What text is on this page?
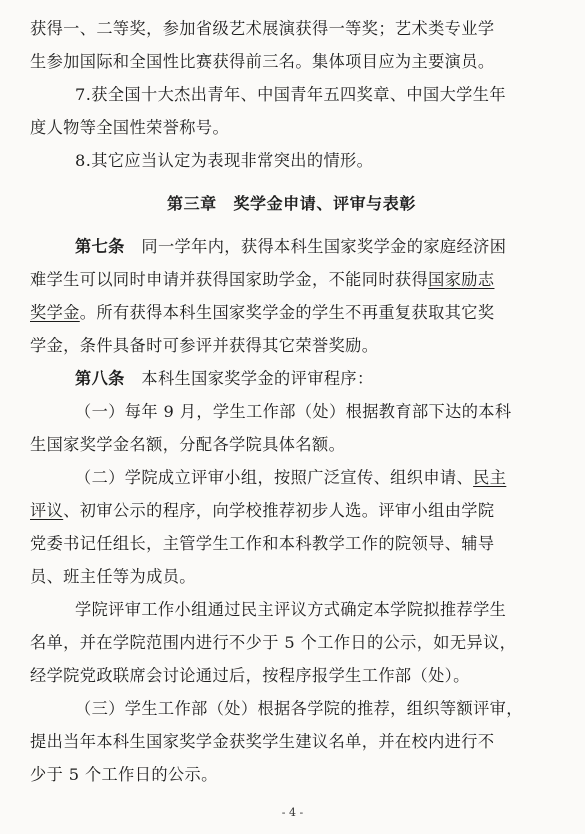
获得一、二等奖，参加省级艺术展演获得一等奖；艺术类专业学
生参加国际和全国性比赛获得前三名。集体项目应为主要演员。
7.获全国十大杰出青年、中国青年五四奖章、中国大学生年
度人物等全国性荣誉称号。
8.其它应当认定为表现非常突出的情形。
第三章　奖学金申请、评审与表彰
第七条　 同一学年内，获得本科生国家奖学金的家庭经济困
难学生可以同时申请并获得国家助学金，不能同时获得国家励志
奖学金。所有获得本科生国家奖学金的学生不再重复获取其它奖
学金，条件具备时可参评并获得其它荣誉奖励。
第八条　 本科生国家奖学金的评审程序：
（一）每年 9 月，学生工作部（处）根据教育部下达的本科
生国家奖学金名额，分配各学院具体名额。
（二）学院成立评审小组，按照广泛宣传、组织申请、民主
评议、初审公示的程序，向学校推荐初步人选。评审小组由学院
党委书记任组长，主管学生工作和本科教学工作的院领导、辅导
员、班主任等为成员。
学院评审工作小组通过民主评议方式确定本学院拟推荐学生
名单，并在学院范围内进行不少于 5 个工作日的公示，如无异议，
经学院党政联席会讨论通过后，按程序报学生工作部（处）。
（三）学生工作部（处）根据各学院的推荐，组织等额评审，
提出当年本科生国家奖学金获奖学生建议名单，并在校内进行不
少于 5 个工作日的公示。
- 4 -
